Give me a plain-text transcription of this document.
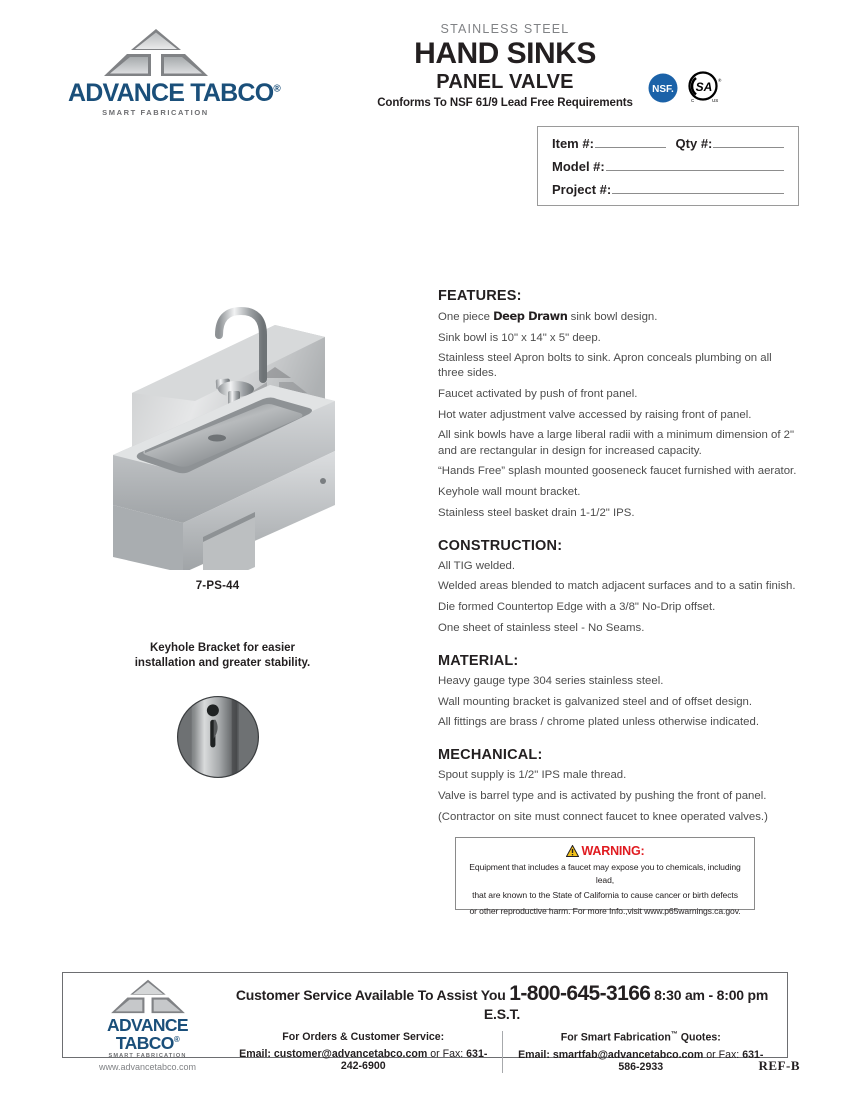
ADVANCE TABCO®
SMART FABRICATION
STAINLESS STEEL
HAND SINKS
PANEL VALVE
Conforms To NSF 61/9 Lead Free Requirements
NSF. SA ®
C US
Item #:	Qty #:
Model #:
Project #:
7-PS-44
Keyhole Bracket for easier installation and greater stability.
FEATURES:

One piece Deep Drawn sink bowl design.

Sink bowl is 10" x 14" x 5" deep.

Stainless steel Apron bolts to sink. Apron conceals plumbing on all three sides.

Faucet activated by push of front panel.

Hot water adjustment valve accessed by raising front of panel.

All sink bowls have a large liberal radii with a minimum dimension of 2" and are rectangular in design for increased capacity.

“Hands Free” splash mounted gooseneck faucet furnished with aerator.

Keyhole wall mount bracket.

Stainless steel basket drain 1-1/2" IPS.

CONSTRUCTION:

All TIG welded.

Welded areas blended to match adjacent surfaces and to a satin finish.

Die formed Countertop Edge with a 3/8" No-Drip offset.

One sheet of stainless steel - No Seams.

MATERIAL:

Heavy gauge type 304 series stainless steel.

Wall mounting bracket is galvanized steel and of offset design.

All fittings are brass / chrome plated unless otherwise indicated.

MECHANICAL:

Spout supply is 1/2" IPS male thread.

Valve is barrel type and is activated by pushing the front of panel.

(Contractor on site must connect faucet to knee operated valves.)

WARNING:
Equipment that includes a faucet may expose you to chemicals, including lead,
that are known to the State of California to cause cancer or birth defects
or other reproductive harm. For more Info.,visit www.p65warnings.ca.gov.
ADVANCE TABCO®
SMART FABRICATION
www.advancetabco.com
Customer Service Available To Assist You 1-800-645-3166 8:30 am - 8:00 pm E.S.T.
For Orders & Customer Service:
Email: customer@advancetabco.com or Fax: 631-242-6900
For Smart Fabrication™ Quotes:
Email: smartfab@advancetabco.com or Fax: 631-586-2933	REF-B
